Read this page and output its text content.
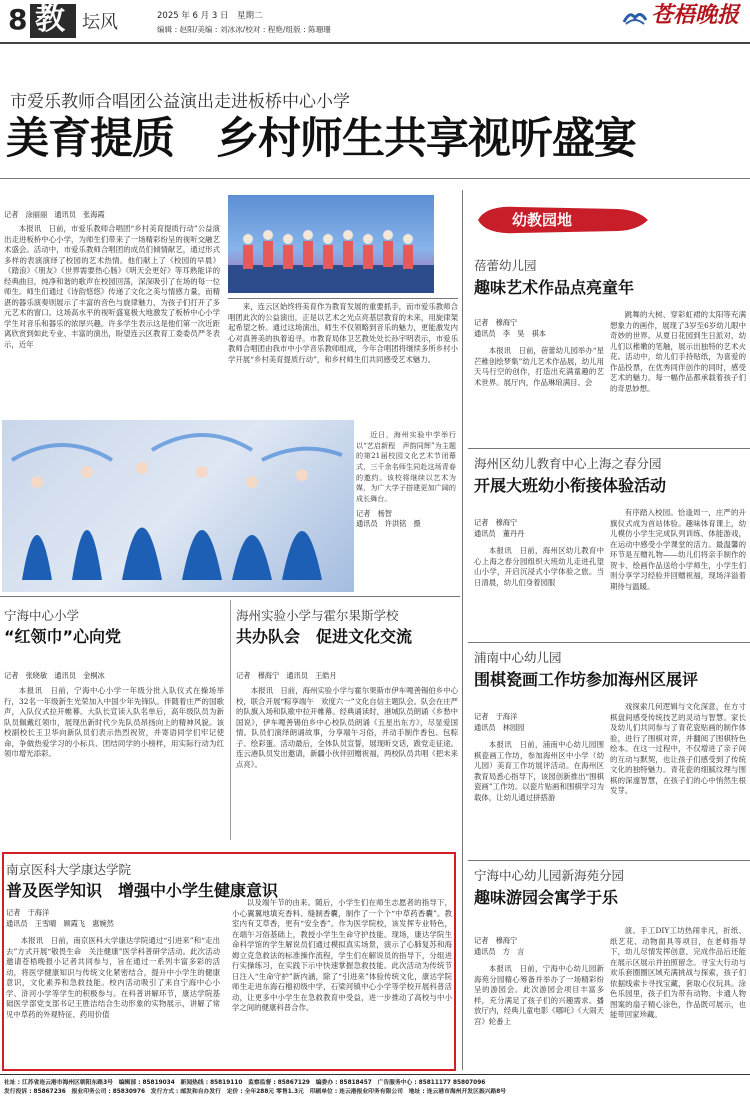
8 教 坛风	2025 年 6 月 3 日　星期二
编辑 : 赵阳/美编 : 刘冰冰/校对 : 程艳/组版 : 陈珊珊
苍梧晚报
市爱乐教师合唱团公益演出走进板桥中心小学
美育提质　乡村师生共享视听盛宴
记者　涂丽丽　通讯员　张海霞

本报讯　日前，市爱乐教师合唱团“乡村美育提质行动”公益演出走进板桥中心小学，为师生们带来了一场精彩纷呈的视听交融艺术盛会。活动中，市爱乐教师合唱团的成员们倾情献艺，通过形式多样的表演演绎了校园的艺术热情。他们献上了《校园的早晨》《踏浪》《朋友》《世界需要热心肠》《明天会更好》等耳熟能详的经典曲目，纯净和谐的歌声在校园回荡，深深吸引了在场的每一位师生。师生们通过《诗韵悠悠》传递了文化之美与情感力量，而精湛的器乐演奏则展示了丰富的音色与旋律魅力，为孩子们打开了多元艺术的窗口。这场高水平的视听盛宴极大地激发了板桥中心小学学生对音乐和器乐的浓厚兴趣。许多学生表示这是他们第一次近距离欣赏到如此专业、丰富的演出，盼望连云区教育工委委员严冬表示，近年

来，连云区始终将美育作为教育发展的重要抓手，而市爱乐教师合唱团此次的公益演出，正是以艺术之光点亮基层教育的未来，用旋律架起希望之桥。通过这场演出，师生不仅领略到音乐的魅力，更能激发内心对真善美的执着追寻。市教育局体卫艺教处处长孙宇明表示，市爱乐教师合唱团由我市中小学音乐教师组成，今年合唱团将继续多所乡村小学开展“乡村美育提质行动”，和乡村师生们共同感受艺术魅力。

近日，海州实验中学举行以“艺启新程　声韵同辉”为主题的第21届校园文化艺术节闭幕式，三千余名师生同赴这场青春的邀约。该校将继续以艺术为媒，为广大学子搭建更加广阔的成长舞台。
记者　杨智
通讯员　许洪铭　摄
宁海中心小学
“红领巾”心向党
记者　张晓敏　通讯员　金桐冰

本报讯　日前，宁海中心小学一年级分批入队仪式在操场举行，32名一年级新生光荣加入中国少年先锋队。伴随着庄严的国歌声，入队仪式拉开帷幕。大队长宣读入队名单后，高年级队员为新队员佩戴红领巾，展现出新时代少先队员昂扬向上的精神风貌。该校副校长王卫华向新队员们表示热烈祝贺，并寄语同学们牢记使命，争做热爱学习的小标兵、团结同学的小榜样，用实际行动为红领巾增光添彩。

海州实验小学与霍尔果斯学校
共办队会　促进文化交流
记者　穆海宁　通讯员　王皓月

本报讯　日前，海州实验小学与霍尔果斯市伊车嘎善锡伯乡中心校，联合开展“粽享端午　欢度六一”文化自信主题队会。队会在庄严的队旗入场和队歌中拉开帷幕。经典诵读时，港城队员朗诵《乡愁中国说》，伊车嘎善锡伯乡中心校队员朗诵《五星出东方》，尽显爱国情。队员们演绎朗诵故事，分享端午习俗，并动手制作香包、包粽子、绘彩蛋。活动最后，全体队员宣誓，展现昕交话，跋党走征途。连云港队员发出邀请，新疆小伙伴回赠祝福，两校队员共唱《把未来点亮》。

南京医科大学康达学院
普及医学知识　增强中小学生健康意识
记者　于海洋
通讯员　王雪晴　顾霞飞　惠婉然

本报讯　日前，南京医科大学康达学院通过“引进来”和“走出去”方式开展“敬畏生命　关注健康”医学科普研学活动。此次活动邀请苍梧晚报小记者共同参与，旨在通过一系列丰富多彩的活动，将医学健康知识与传统文化紧密结合，提升中小学生的健康意识，文化素养和急救技能。校内活动吸引了来自宁海中心小学、浒河小学等学生的积极参与。在科普讲解环节，康达学院基础医学部党支部书记王胜洁结合生动形象的实物展示，讲解了常见中草药的外观特征、药用价值

以及端午节的由来。随后，小学生们在师生志愿者的指导下，小心翼翼地填充香料、缝制香囊，制作了一个个“中草药香囊”。教室内有艾草香，更有“安全香”。作为医学院校，该发挥专业特色，在端午习俗基础上，教授小学生生命守护技能。现场，康达学院生命科学馆的学生解说员们通过模拟真实场景，演示了心肺复苏和海姆立克急救法的标准操作流程，学生们在解说员的指导下，分组进行实操练习，在实践下示中快速掌握急救技能。此次活动为传统节日注入“生命守护”新内涵，除了“引进来”体验传统文化，康达学院师生走进东海石榴初级中学，石梁河镇中心小学等学校开展科普活动，让更多中小学生在急救教育中受益，进一步推动了高校与中小学之间的健康科普合作。

幼教园地
蓓蕾幼儿园
趣味艺术作品点亮童年
记者　穆海宁
通讯员　李　昊　祺本

本报讯　日前，蓓蕾幼儿园举办“星芒稚创绘梦集”幼儿艺术作品展，幼儿用天马行空的创作，打造出充满童趣的艺术世界。展厅内，作品琳琅满目、会

跳舞的大树、穿彩虹裙的太阳等充满想象力的画作，展现了3岁至6岁幼儿眼中奇妙的世界。从夏日花园到生日派对，幼儿们以稚嫩的笔触，展示出独特的艺术火花。活动中，幼儿们手持贴纸，为喜爱的作品投票，在优秀同伴创作的同时，感受艺术的魅力。每一幅作品都承载着孩子们的奇思妙想。

海州区幼儿教育中心上海之春分园
开展大班幼小衔接体验活动
记者　穆海宁
通讯员　董丹丹

本报讯　日前，海州区幼儿教育中心上海之春分园组织大班幼儿走进孔望山小学，开启沉浸式小学体验之旅。当日清晨，幼儿们身着园服

有序踏入校园。恰逢周一，庄严的升旗仪式成为首站体验。趣味体育课上，幼儿模仿小学生完成队列训练、体能游戏，在运动中感受小学课堂的活力。最温馨的环节是互赠礼物——幼儿们将亲手制作的贺卡、绘画作品送给小学师生，小学生们则分享学习经验并回赠祝福，现场洋溢着期待与温暖。

浦南中心幼儿园
围棋瓷画工作坊参加海州区展评
记者　于海洋
通讯员　林园园

本报讯　日前，浦南中心幼儿园围棋瓷画工作坊，参加海州区中小学（幼儿园）美育工作坊展评活动。在海州区教育局悉心指导下，该园创新推出“围棋瓷画”工作坊。以瓷片贴画和围棋学习为载体，让幼儿通过拼搭游

戏探索几何逻辑与文化深意，在方寸棋盘间感受传统技艺的灵动与智慧。家长及幼儿们共同参与了青花瓷贴画的制作体验，进行了围棋对弈，并翻阅了围棋特色绘本。在这一过程中，不仅增进了亲子间的互动与默契，也让孩子们感受到了传统文化的独特魅力。青花瓷的细腻纹理与围棋的深邃智慧，在孩子们的心中悄然生根发芽。

宁海中心幼儿园新海苑分园
趣味游园会寓学于乐
记者　穆海宁
通讯员　方　言

本报讯　日前，宁海中心幼儿园新海苑分园精心筹备并举办了一场精彩纷呈的游园会。此次游园会项目丰富多样，充分满足了孩子们的兴趣需求。播放厅内，经典儿童电影《哪吒》《大闹天宫》轮番上

演。手工DIY工坊热闹非凡，折纸、纸艺花、动物面具等项目，在老师指导下，幼儿尽情发挥创意，完成作品后还能在展示区展示并拍照留念。寻宝大行动与欢乐套圈圈区域充满挑战与探索，孩子们依据线索卡寻找宝藏，套取心仪玩具。涂色乐园里，孩子们为带有动物、卡通人物图案的扇子精心涂色，作品既可展示，也能带回家珍藏。

社址 : 江苏省连云港市海州区朝阳东路3号　编辑部 : 85819034　新闻热线 : 85819110　监察监督 : 85867129　编委办 : 85818457　广告服务中心 : 85811177 85807096
发行投诉 : 85867236　报业印务公司 : 85830976　发行方式 : 邮发和自办发行　定价 : 全年288元 零售1.3元　印刷单位 : 连云港报业印务有限公司　地址 : 连云港市海州开发区振兴路8号
